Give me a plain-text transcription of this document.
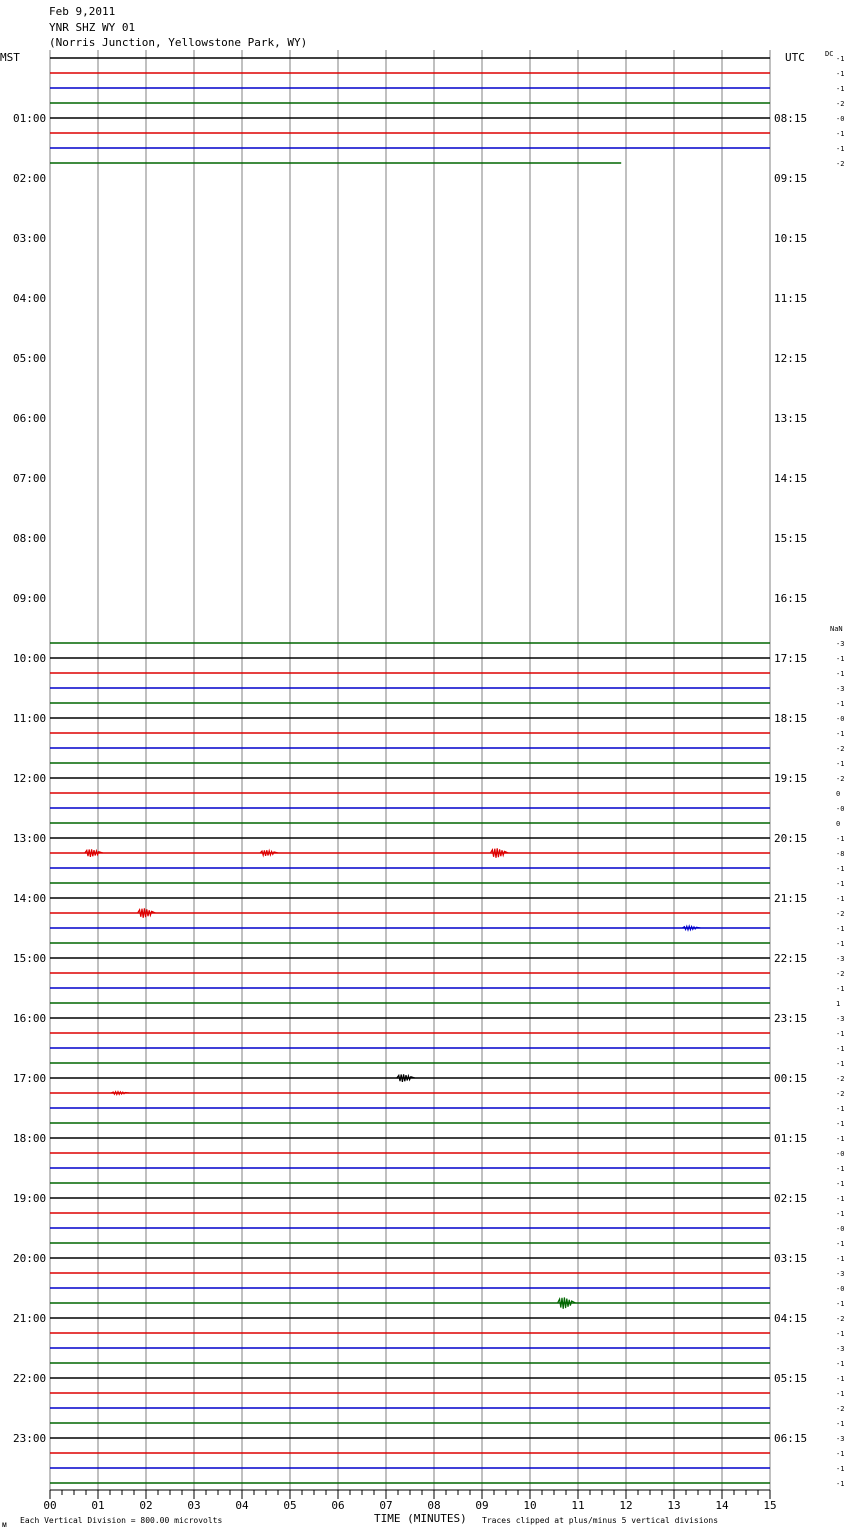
Feb 9,2011
YNR SHZ WY 01
(Norris Junction, Yellowstone Park, WY)
MST	UTC	DC
NaN
01:00
02:00
03:00
04:00
05:00
06:00
07:00
08:00
09:00
10:00
11:00
12:00
13:00
14:00
15:00
16:00
17:00
18:00
19:00
20:00
21:00
22:00
23:00
08:15
09:15
10:15
11:15
12:15
13:15
14:15
15:15
16:15
17:15
18:15
19:15
20:15
21:15
22:15
23:15
00:15
01:15
02:15
03:15
04:15
05:15
06:15
-1
-1
-1
-2
-0
-1
-1
-2
-3
-1
-1
-3
-1
-0
-1
-2
-1
-2
0
-0
0
-1
-8
-1
-1
-1
-2
-1
-1
-3
-2
-1
1
-3
-1
-1
-1
-2
-2
-1
-1
-1
-0
-1
-1
-1
-1
-0
-1
-1
-3
-0
-1
-2
-1
-3
-1
-1
-1
-2
-1
-3
-1
-1
-1
00	01	02	03	04	05	06	07	08	09	10	11	12	13	14	15
TIME (MINUTES)
Each Vertical Division = 800.00 microvolts	Traces clipped at plus/minus 5 vertical divisions
ᴍ
